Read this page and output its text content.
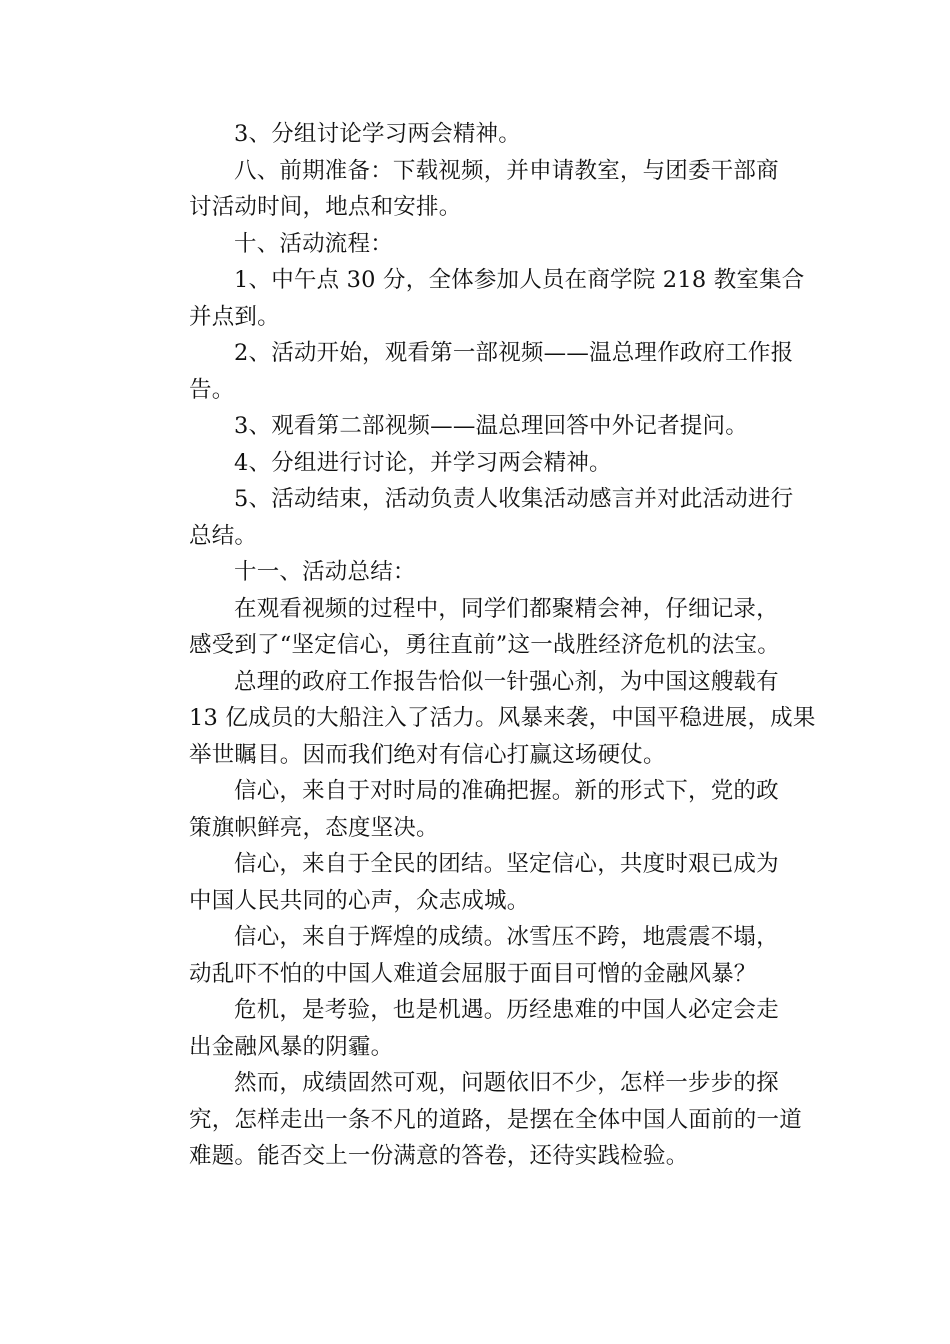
3、分组讨论学习两会精神。

八、前期准备：下载视频，并申请教室，与团委干部商
讨活动时间，地点和安排。

十、活动流程：

1、中午点 30 分，全体参加人员在商学院 218 教室集合
并点到。

2、活动开始，观看第一部视频——温总理作政府工作报
告。

3、观看第二部视频——温总理回答中外记者提问。

4、分组进行讨论，并学习两会精神。

5、活动结束，活动负责人收集活动感言并对此活动进行
总结。

十一、活动总结：

在观看视频的过程中，同学们都聚精会神，仔细记录，
感受到了“坚定信心，勇往直前”这一战胜经济危机的法宝。

总理的政府工作报告恰似一针强心剂，为中国这艘载有
13 亿成员的大船注入了活力。风暴来袭，中国平稳进展，成果
举世瞩目。因而我们绝对有信心打赢这场硬仗。

信心，来自于对时局的准确把握。新的形式下，党的政
策旗帜鲜亮，态度坚决。

信心，来自于全民的团结。坚定信心，共度时艰已成为
中国人民共同的心声，众志成城。

信心，来自于辉煌的成绩。冰雪压不跨，地震震不塌，
动乱吓不怕的中国人难道会屈服于面目可憎的金融风暴？

危机，是考验，也是机遇。历经患难的中国人必定会走
出金融风暴的阴霾。

然而，成绩固然可观，问题依旧不少，怎样一步步的探
究，怎样走出一条不凡的道路，是摆在全体中国人面前的一道
难题。能否交上一份满意的答卷，还待实践检验。
